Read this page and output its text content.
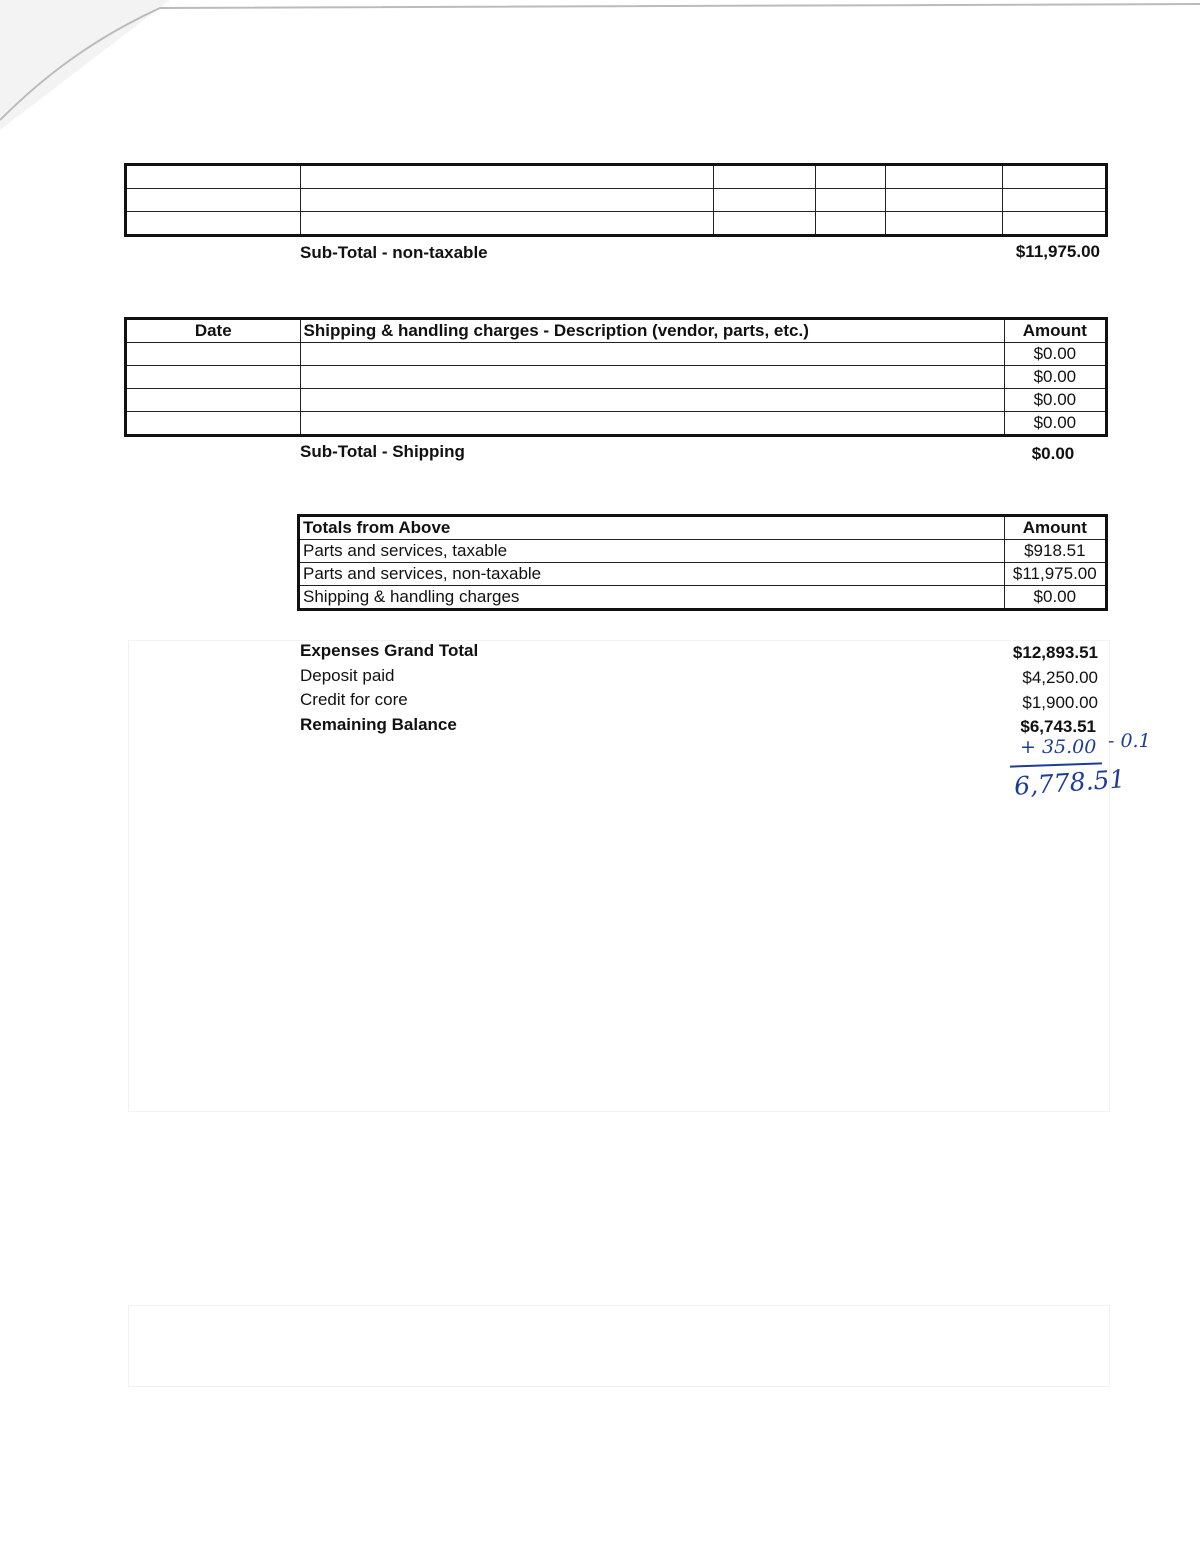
Sub-Total - non-taxable	$11,975.00
Date	Shipping & handling charges - Description (vendor, parts, etc.)	Amount
		$0.00
		$0.00
		$0.00
		$0.00
Sub-Total - Shipping	$0.00
Totals from Above	Amount
Parts and services, taxable	$918.51
Parts and services, non-taxable	$11,975.00
Shipping & handling charges	$0.00
Expenses Grand Total	$12,893.51
Deposit paid	$4,250.00
Credit for core	$1,900.00
Remaining Balance	$6,743.51
+ 35.00 - 0.1
6,778.51
